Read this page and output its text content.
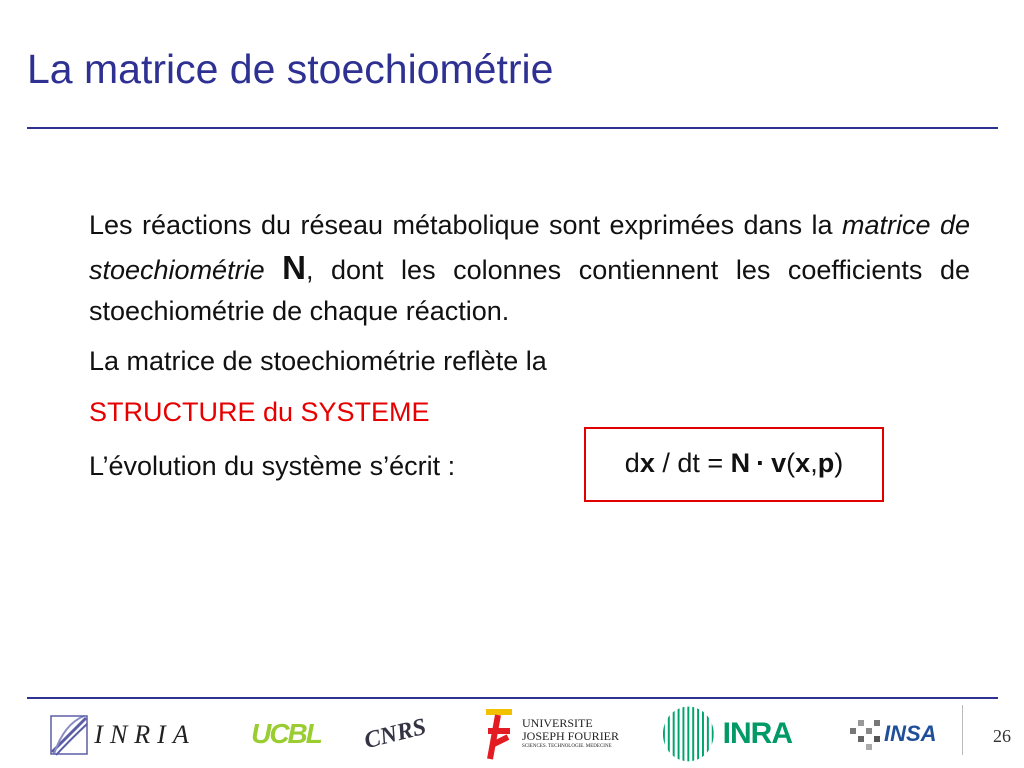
La matrice de stoechiométrie

Les réactions du réseau métabolique sont exprimées dans la matrice de stoechiométrie N, dont les colonnes contiennent les coefficients de stoechiométrie de chaque réaction.

La matrice de stoechiométrie reflète la

STRUCTURE du SYSTEME

L’évolution du système s’écrit :	d x / dt = N · v ( x , p )
INRIA UCBL CNRS	UNIVERSITE
JOSEPH FOURIER
SCIENCES. TECHNOLOGIE. MEDECINE	INRA	INSA	26
